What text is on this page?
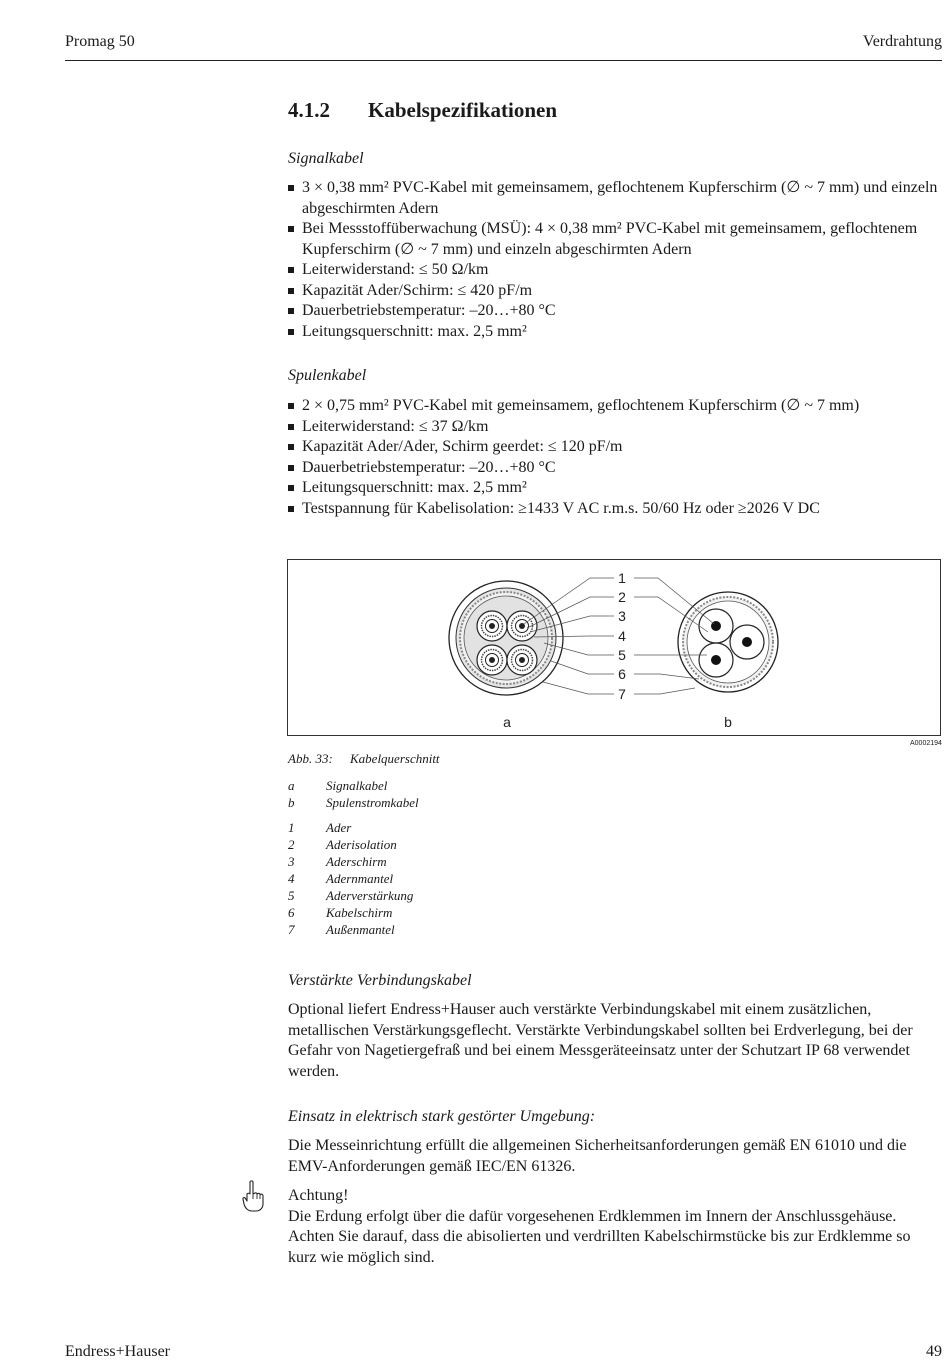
Promag 50	Verdrahtung
4.1.2 Kabelspezifikationen
Signalkabel
3 × 0,38 mm² PVC-Kabel mit gemeinsamem, geflochtenem Kupferschirm (∅ ~ 7 mm) und einzeln abgeschirmten Adern
Bei Messstoffüberwachung (MSÜ): 4 × 0,38 mm² PVC-Kabel mit gemeinsamem, geflochtenem Kupferschirm (∅ ~ 7 mm) und einzeln abgeschirmten Adern
Leiterwiderstand: ≤ 50 Ω/km
Kapazität Ader/Schirm: ≤ 420 pF/m
Dauerbetriebstemperatur: –20…+80 °C
Leitungsquerschnitt: max. 2,5 mm²
Spulenkabel
2 × 0,75 mm² PVC-Kabel mit gemeinsamem, geflochtenem Kupferschirm (∅ ~ 7 mm)
Leiterwiderstand: ≤ 37 Ω/km
Kapazität Ader/Ader, Schirm geerdet: ≤ 120 pF/m
Dauerbetriebstemperatur: –20…+80 °C
Leitungsquerschnitt: max. 2,5 mm²
Testspannung für Kabelisolation: ≥1433 V AC r.m.s. 50/60 Hz oder ≥2026 V DC
1
2
3
4
5
6
7
a	b
A0002194
Abb. 33: Kabelquerschnitt
a Signalkabel
b Spulenstromkabel
1 Ader
2 Aderisolation
3 Aderschirm
4 Adernmantel
5 Aderverstärkung
6 Kabelschirm
7 Außenmantel
Verstärkte Verbindungskabel
Optional liefert Endress+Hauser auch verstärkte Verbindungskabel mit einem zusätzlichen, metallischen Verstärkungsgeflecht. Verstärkte Verbindungskabel sollten bei Erdverlegung, bei der Gefahr von Nagetiergefraß und bei einem Messgeräteeinsatz unter der Schutzart IP 68 verwendet werden.
Einsatz in elektrisch stark gestörter Umgebung:
Die Messeinrichtung erfüllt die allgemeinen Sicherheitsanforderungen gemäß EN 61010 und die EMV-Anforderungen gemäß IEC/EN 61326.
Achtung!
Die Erdung erfolgt über die dafür vorgesehenen Erdklemmen im Innern der Anschlussgehäuse. Achten Sie darauf, dass die abisolierten und verdrillten Kabelschirmstücke bis zur Erdklemme so kurz wie möglich sind.
Endress+Hauser	49
